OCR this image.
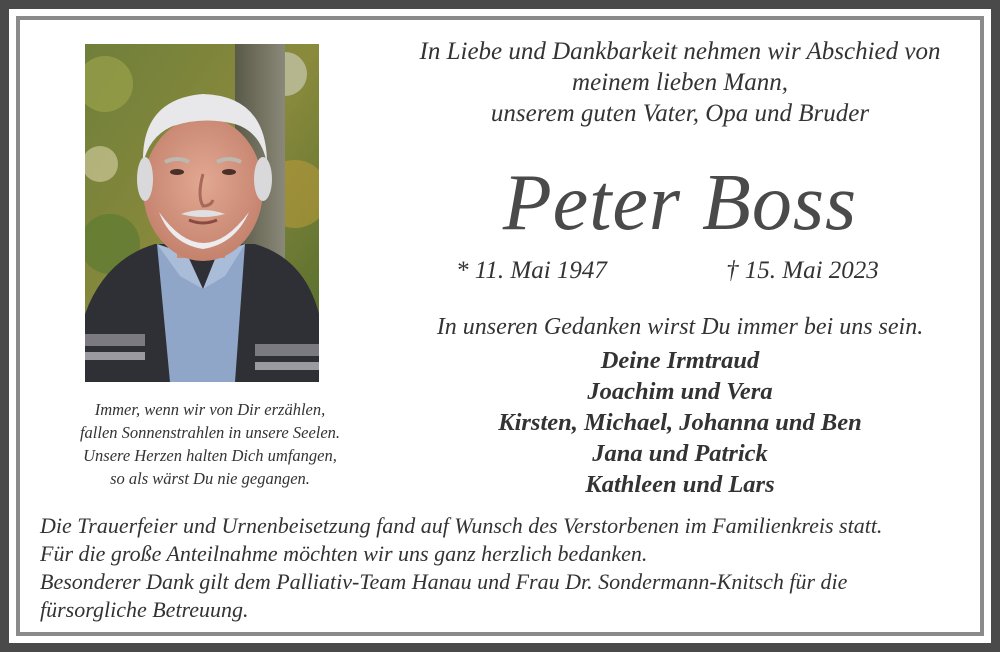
Immer, wenn wir von Dir erzählen,
fallen Sonnenstrahlen in unsere Seelen.
Unsere Herzen halten Dich umfangen,
so als wärst Du nie gegangen.
In Liebe und Dankbarkeit nehmen wir Abschied von
meinem lieben Mann,
unserem guten Vater, Opa und Bruder
Peter Boss
* 11. Mai 1947	† 15. Mai 2023
In unseren Gedanken wirst Du immer bei uns sein.
Deine Irmtraud
Joachim und Vera
Kirsten, Michael, Johanna und Ben
Jana und Patrick
Kathleen und Lars
Die Trauerfeier und Urnenbeisetzung fand auf Wunsch des Verstorbenen im Familienkreis statt.
Für die große Anteilnahme möchten wir uns ganz herzlich bedanken.
Besonderer Dank gilt dem Palliativ-Team Hanau und Frau Dr. Sondermann-Knitsch für die
fürsorgliche Betreuung.
